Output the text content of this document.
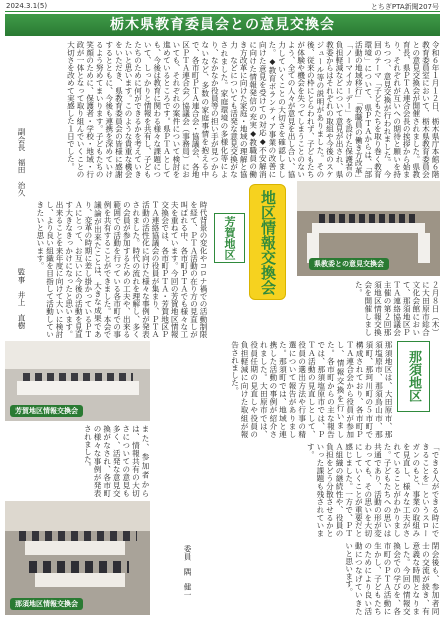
2024.3.1(5)	とちぎPTA新聞207号
栃木県教育委員会との意見交換会
令和６年１月１２日、栃木県庁本館６階教育委員室において、栃木県教育委員会との意見交換会が開催されました。県教育長、県ＰＴＡ連合会長の挨拶から始まり、それぞれが互いへの期待と願いを持ちつつ、意見交換が行われました。　今回のテーマ「子どもたちを取り巻く教育環境」について、県ＰＴＡからは、「部活動の地域移行」「教職員の働き方改革」「ノーマイカーデー」を設けた保護者の負担軽減などについて意見が出され、県教委からはそれぞれの取組や今後のスケジュール等の説明がありました。その後、従来の枠にとらわれず、子どもたちが体験や機会を失ってしまうことのないよう、全ての人々が意見を出し合い、協力していくことの大切さを確認しました。◆教育ボランティア事業の改善に向けた意見を受けての対応◆不安解消に向けた情報発信の充実◆教職員の働き方改革に向けた家庭・地域の理解と協力　などについても活発な意見交換がなされました。家庭環境の多様化等により、なかなか役員等の担い手が見つからないなど、多数の家庭事情を抱える中で、各市町ＰＴＡ連合会・協議会、各地区ＰＴＡ連合会／協議会（事務局）においても、それぞれの案件について検討を進めているところです。県ＰＴＡとしても、今後は教育に関わる様々な課題について、しっかりと情報を共有し、子どもたちのために何ができるかを考えていきたいと思います。このような貴重な機会をいただき、県教育委員会の皆様に感謝するとともに、今後も連携を深めていけるよう努めてまいります。子どもたちの笑顔のために、保護者・学校・地域・行政が一体となって取り組んでいくことの大切さを改めて実感した１日でした。
副会長　福田　治久
県教委との意見交換会
地区情報交換会
芳賀地区
時代背景の変化やコロナ禍での活動制限を経て、ＰＴＡ活動の在り方の見直しが叫ばれる中、各市町ＰＴＡでも様々な工夫を重ねています。今回の芳賀地区情報交換会では、各市町ＰＴＡ・芳賀地区ＰＴＡ連絡協議会の役員が集まり、ＰＴＡ活動の活性化に向けた様々な事例が発表されました。時代の流れを理解し、多くの会員が参加するための工夫や、出来る範囲での活動を行っている各市町での事例を共有することができました。本会で議論が出来たことは、大きな成果であり、変革の時期に差し掛かっているＰＴＡにとって、お互いに今後の活動を見直す大きなきっかけになったと思います。出来ることを来年度に向けて大いに検討し、より良い組織を目指して活動していきたいと思います。
監事　井上　直樹	２月８日（木）に大田原市総合文化会館において、那須地区ＰＴＡ連絡協議会主催の第２回那須地区情報交換会を開催しました。
那須地区
那須地区は、大田原市、那須塩原市、那須烏山市、那須町、那珂川町の５市町で構成されており、各市町ＰＴＡ連合会から役員が参加し、情報交換を行いました。各市町からの主な報告では、那須塩原市では、ＰＴＡ活動の見直しとして、役員の選出方法や行事の精選について報告がありました。那須町では、地域と連携した活動の事例が紹介されました。大田原市では、役員任期の見直しや役員の負担軽減に向けた取組が報告されました。
芳賀地区情報交換会
また、参加者からは、情報共有の大切さについての意見も多く、活発な意見交換がなされ、各市町の様々な事例が発表されました。	「できる人ができる時にできることを」というスローガンのもと、事業の取組みを見直し、様々な工夫がされていることがわかりました。子どもたちへの思いは共通であり、活動の形が変わっても、その思いを大切にしていくことが重要だと感じました。一方で、ＰＴＡ組織の継続性や、役員の負担をどう分散させるかといった課題も残されています。
閉会後も、参加者同士の交流が続き、有意義な時間となりました。今回の情報交換会での学びを、各市町のＰＴＡ活動に生かし、子どもたちのためにより良い活動につなげていきたいと思います。
委員　隅　健一
那須地区情報交換会
